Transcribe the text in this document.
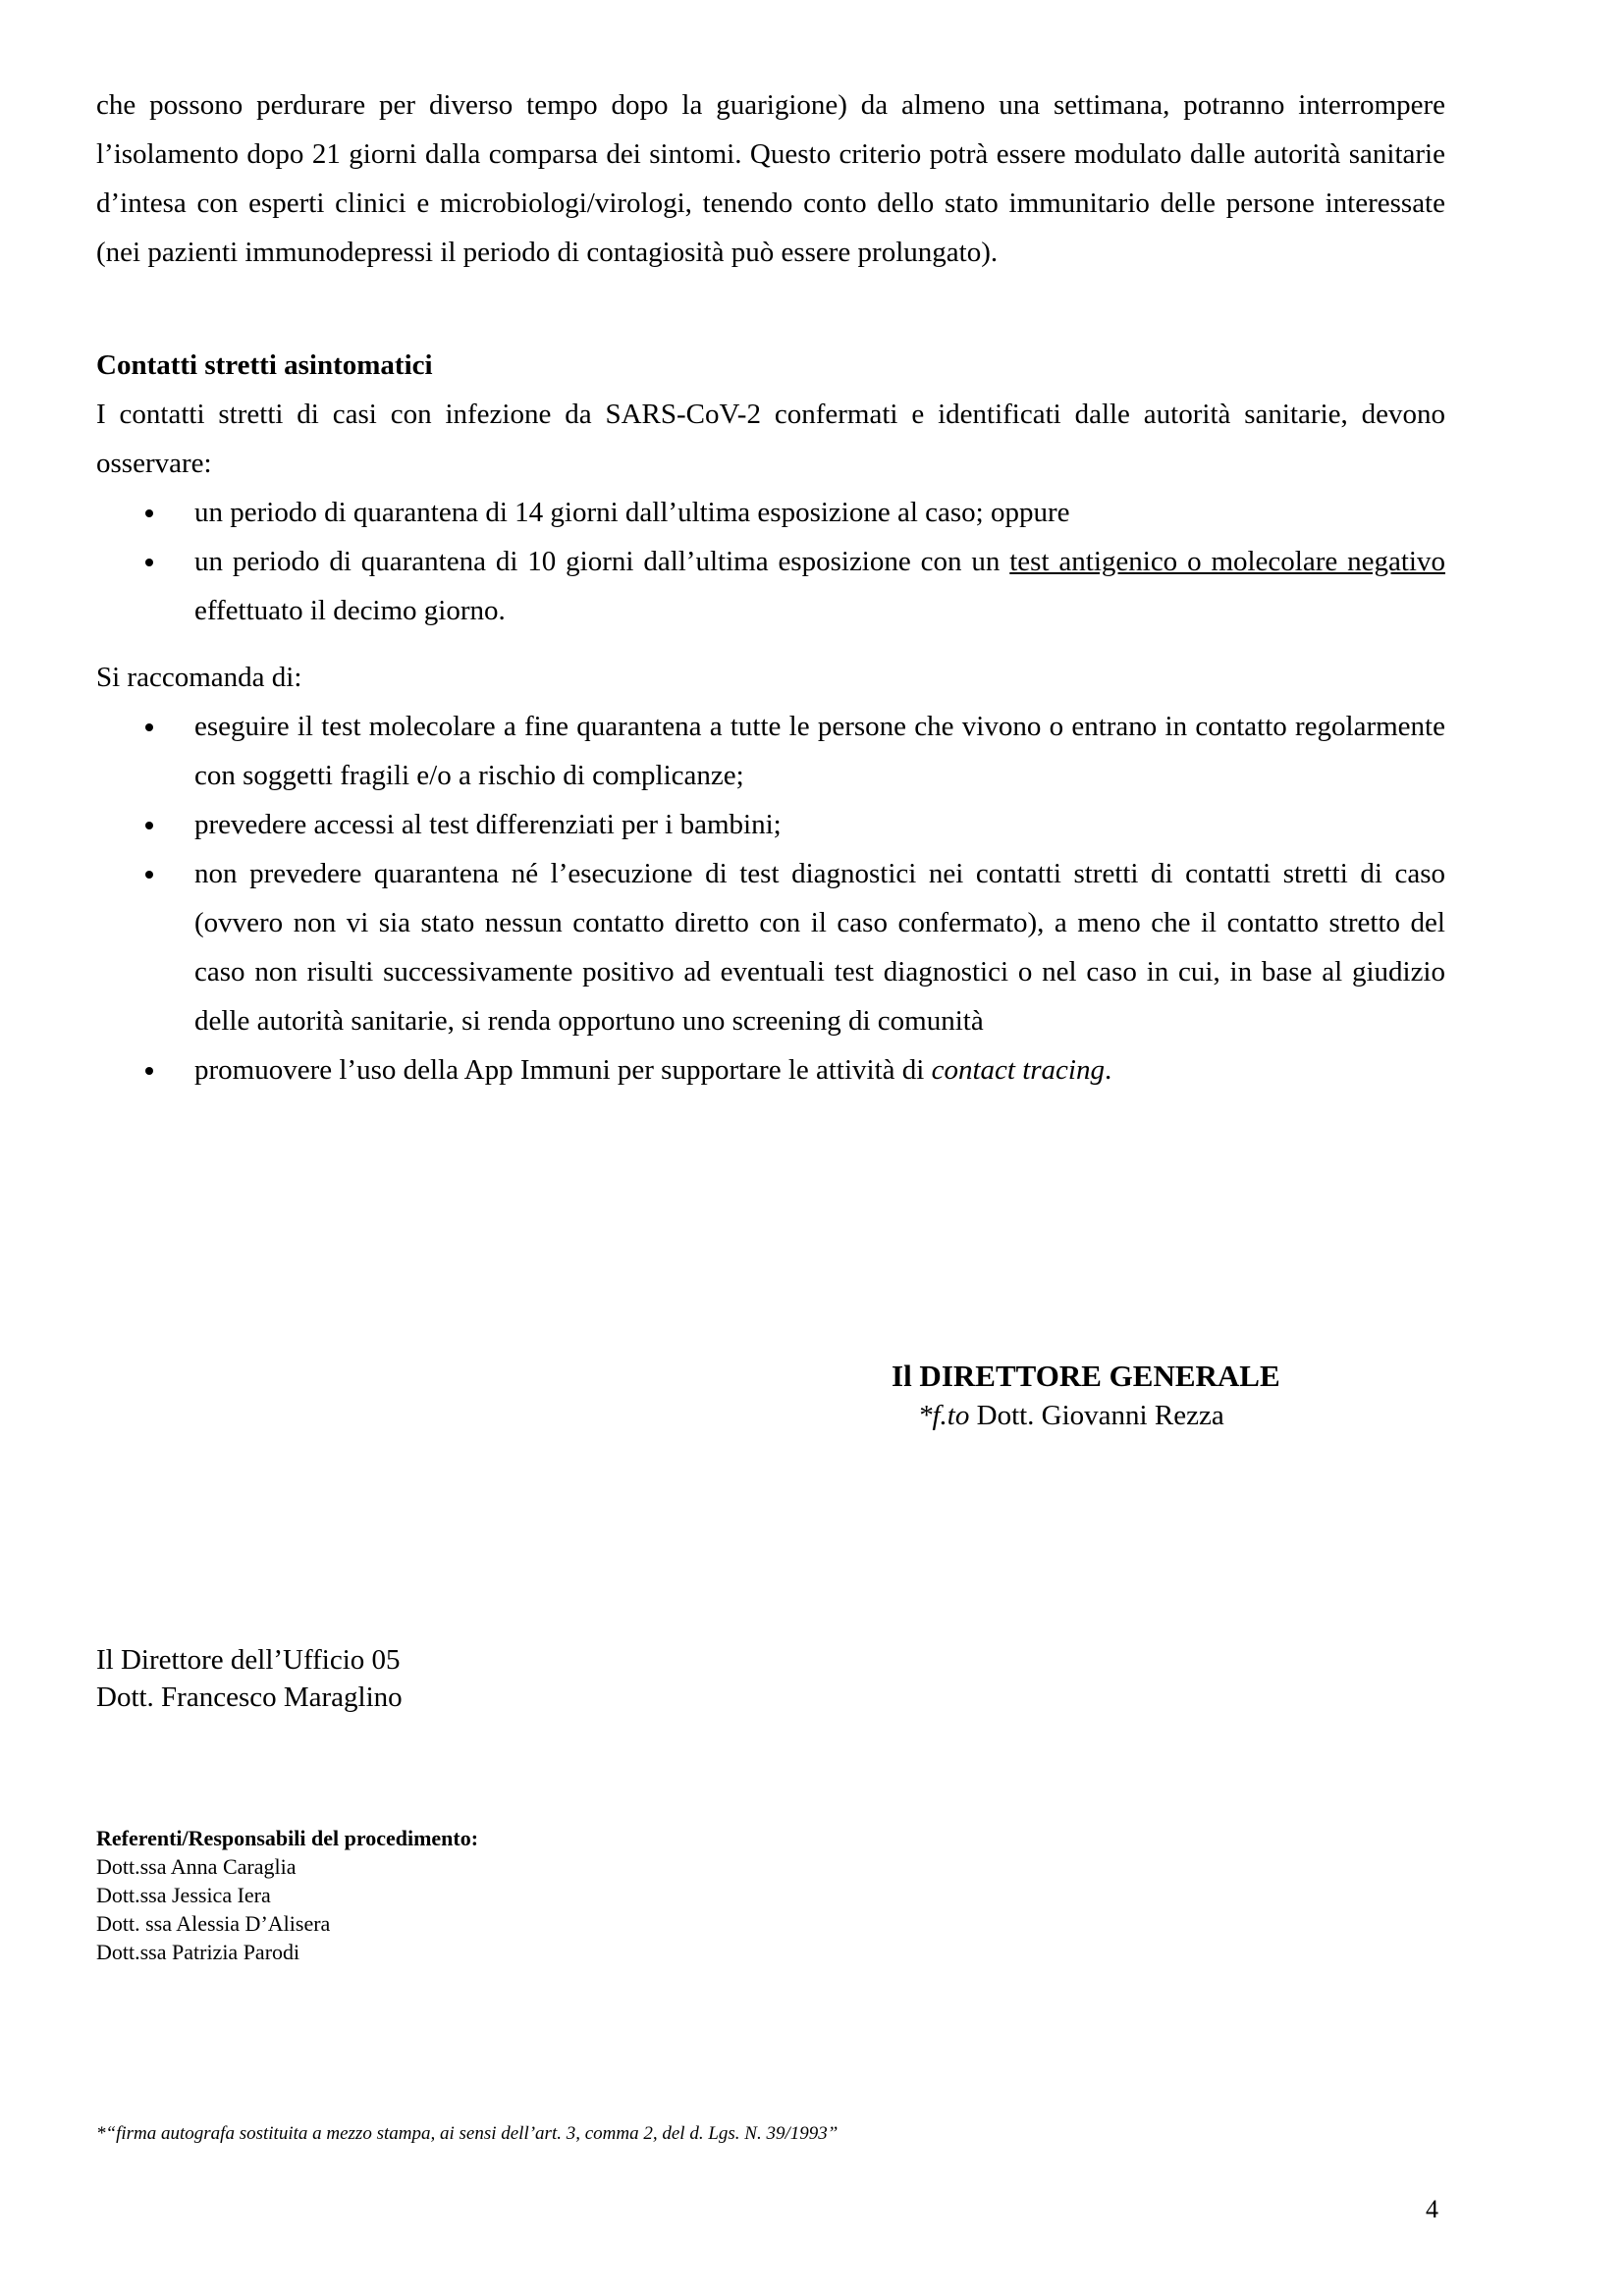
che possono perdurare per diverso tempo dopo la guarigione) da almeno una settimana, potranno interrompere l’isolamento dopo 21 giorni dalla comparsa dei sintomi. Questo criterio potrà essere modulato dalle autorità sanitarie d’intesa con esperti clinici e microbiologi/virologi, tenendo conto dello stato immunitario delle persone interessate (nei pazienti immunodepressi il periodo di contagiosità può essere prolungato).

Contatti stretti asintomatici

I contatti stretti di casi con infezione da SARS-CoV-2 confermati e identificati dalle autorità sanitarie, devono osservare:

un periodo di quarantena di 14 giorni dall’ultima esposizione al caso; oppure
un periodo di quarantena di 10 giorni dall’ultima esposizione con un test antigenico o molecolare negativo effettuato il decimo giorno.

Si raccomanda di:

eseguire il test molecolare a fine quarantena a tutte le persone che vivono o entrano in contatto regolarmente con soggetti fragili e/o a rischio di complicanze;
prevedere accessi al test differenziati per i bambini;
non prevedere quarantena né l’esecuzione di test diagnostici nei contatti stretti di contatti stretti di caso (ovvero non vi sia stato nessun contatto diretto con il caso confermato), a meno che il contatto stretto del caso non risulti successivamente positivo ad eventuali test diagnostici o nel caso in cui, in base al giudizio delle autorità sanitarie, si renda opportuno uno screening di comunità
promuovere l’uso della App Immuni per supportare le attività di contact tracing.

Il DIRETTORE GENERALE

*f.to Dott. Giovanni Rezza

Il Direttore dell’Ufficio 05
Dott. Francesco Maraglino
Referenti/Responsabili del procedimento:
Dott.ssa Anna Caraglia
Dott.ssa Jessica Iera
Dott. ssa Alessia D’Alisera
Dott.ssa Patrizia Parodi

*“firma autografa sostituita a mezzo stampa, ai sensi dell’art. 3, comma 2, del d. Lgs. N. 39/1993”

4
